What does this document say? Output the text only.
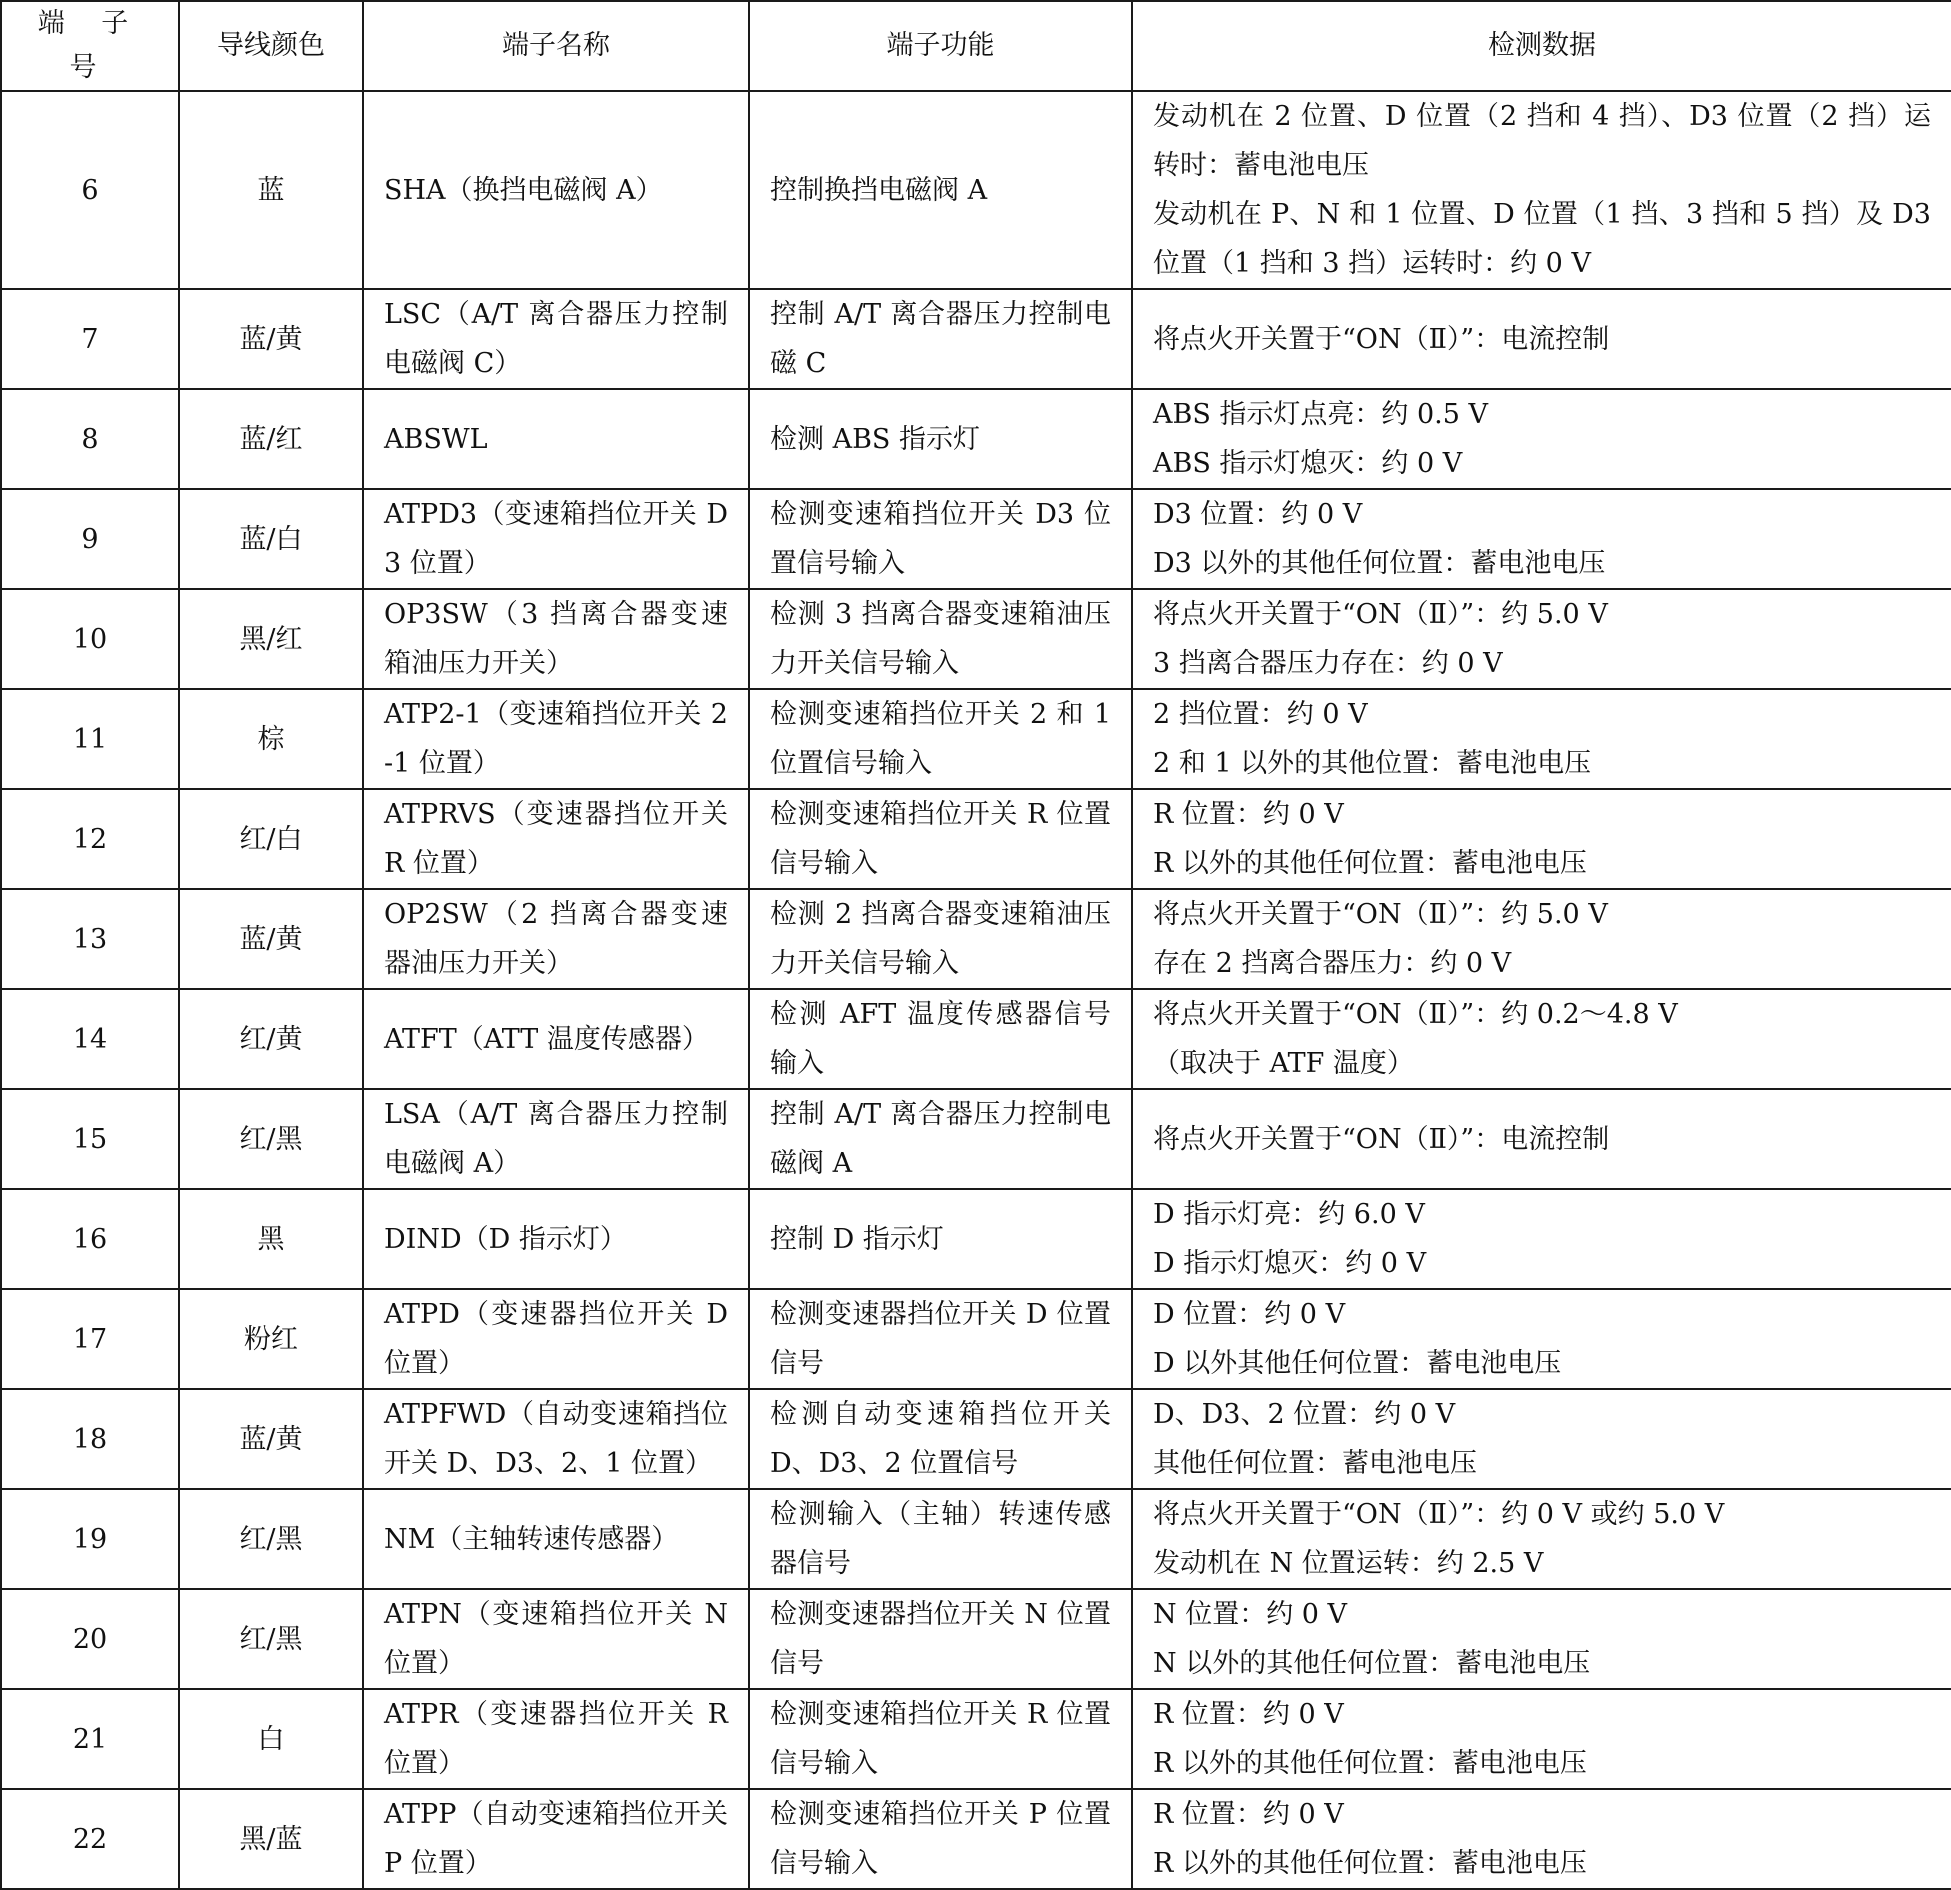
端 子 号	导线颜色	端子名称	端子功能	检测数据
6	蓝	SHA（换挡电磁阀 A）	控制换挡电磁阀 A	发动机在 2 位置、D 位置（2 挡和 4 挡）、D3 位置（2 挡）运转时：蓄电池电压
发动机在 P、N 和 1 位置、D 位置（1 挡、3 挡和 5 挡）及 D3 位置（1 挡和 3 挡）运转时：约 0 V

7	蓝/黄	LSC（A/T 离合器压力控制电磁阀 C）	控制 A/T 离合器压力控制电磁 C	将点火开关置于“ON（Ⅱ）”：电流控制

8	蓝/红	ABSWL	检测 ABS 指示灯	ABS 指示灯点亮：约 0.5 V
ABS 指示灯熄灭：约 0 V

9	蓝/白	ATPD3（变速箱挡位开关 D3 位置）	检测变速箱挡位开关 D3 位置信号输入	D3 位置：约 0 V
D3 以外的其他任何位置：蓄电池电压

10	黑/红	OP3SW（3 挡离合器变速箱油压力开关）	检测 3 挡离合器变速箱油压力开关信号输入	将点火开关置于“ON（Ⅱ）”：约 5.0 V
3 挡离合器压力存在：约 0 V

11	棕	ATP2-1（变速箱挡位开关 2-1 位置）	检测变速箱挡位开关 2 和 1 位置信号输入	2 挡位置：约 0 V
2 和 1 以外的其他位置：蓄电池电压

12	红/白	ATPRVS（变速器挡位开关 R 位置）	检测变速箱挡位开关 R 位置信号输入	R 位置：约 0 V
R 以外的其他任何位置：蓄电池电压

13	蓝/黄	OP2SW（2 挡离合器变速器油压力开关）	检测 2 挡离合器变速箱油压力开关信号输入	将点火开关置于“ON（Ⅱ）”：约 5.0 V
存在 2 挡离合器压力：约 0 V

14	红/黄	ATFT（ATT 温度传感器）	检测 AFT 温度传感器信号输入	将点火开关置于“ON（Ⅱ）”：约 0.2～4.8 V
（取决于 ATF 温度）

15	红/黑	LSA（A/T 离合器压力控制电磁阀 A）	控制 A/T 离合器压力控制电磁阀 A	将点火开关置于“ON（Ⅱ）”：电流控制

16	黑	DIND（D 指示灯）	控制 D 指示灯	D 指示灯亮：约 6.0 V
D 指示灯熄灭：约 0 V

17	粉红	ATPD（变速器挡位开关 D 位置）	检测变速器挡位开关 D 位置信号	D 位置：约 0 V
D 以外其他任何位置：蓄电池电压

18	蓝/黄	ATPFWD（自动变速箱挡位开关 D、D3、2、1 位置）	检测自动变速箱挡位开关 D、D3、2 位置信号	D、D3、2 位置：约 0 V
其他任何位置：蓄电池电压

19	红/黑	NM（主轴转速传感器）	检测输入（主轴）转速传感器信号	将点火开关置于“ON（Ⅱ）”：约 0 V 或约 5.0 V
发动机在 N 位置运转：约 2.5 V

20	红/黑	ATPN（变速箱挡位开关 N 位置）	检测变速器挡位开关 N 位置信号	N 位置：约 0 V
N 以外的其他任何位置：蓄电池电压

21	白	ATPR（变速器挡位开关 R 位置）	检测变速箱挡位开关 R 位置信号输入	R 位置：约 0 V
R 以外的其他任何位置：蓄电池电压

22	黑/蓝	ATPP（自动变速箱挡位开关 P 位置）	检测变速箱挡位开关 P 位置信号输入	R 位置：约 0 V
R 以外的其他任何位置：蓄电池电压
